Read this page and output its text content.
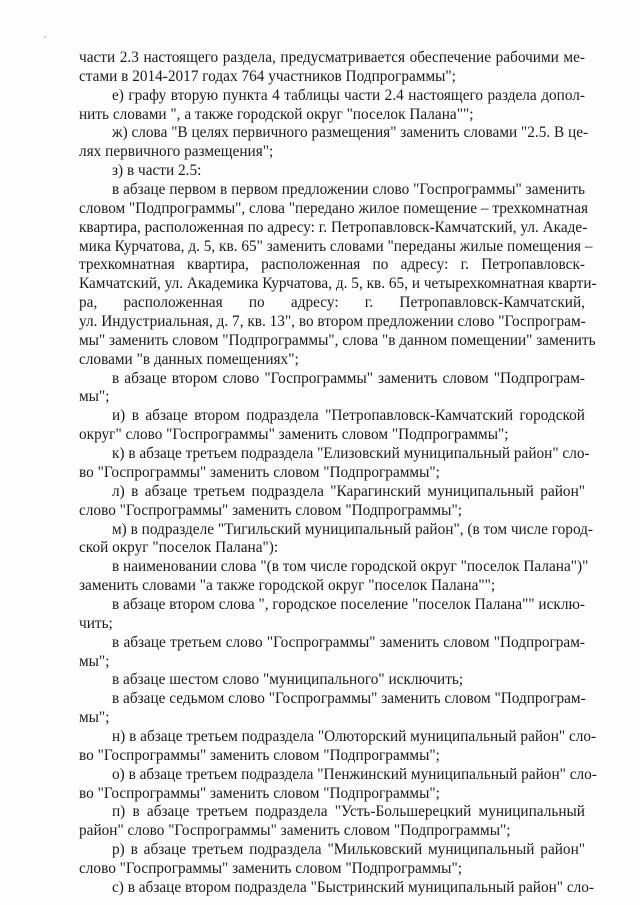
части 2.3 настоящего раздела, предусматривается обеспечение рабочими ме-
стами в 2014-2017 годах 764 участников Подпрограммы";
е) графу вторую пункта 4 таблицы части 2.4 настоящего раздела допол-
нить словами ", а также городской округ "поселок Палана"";
ж) слова "В целях первичного размещения" заменить словами "2.5. В це-
лях первичного размещения";
з) в части 2.5:
в абзаце первом в первом предложении слово "Госпрограммы" заменить
словом "Подпрограммы", слова "передано жилое помещение – трехкомнатная
квартира, расположенная по адресу: г. Петропавловск-Камчатский, ул. Акаде-
мика Курчатова, д. 5, кв. 65" заменить словами "переданы жилые помещения –
трехкомнатная квартира, расположенная по адресу: г. Петропавловск-
Камчатский, ул. Академика Курчатова, д. 5, кв. 65, и четырехкомнатная кварти-
ра, расположенная по адресу: г. Петропавловск-Камчатский,
ул. Индустриальная, д. 7, кв. 13", во втором предложении слово "Госпрограм-
мы" заменить словом "Подпрограммы", слова "в данном помещении" заменить
словами "в данных помещениях";
в абзаце втором слово "Госпрограммы" заменить словом "Подпрограм-
мы";
и) в абзаце втором подраздела "Петропавловск-Камчатский городской
округ" слово "Госпрограммы" заменить словом "Подпрограммы";
к) в абзаце третьем подраздела "Елизовский муниципальный район" сло-
во "Госпрограммы" заменить словом "Подпрограммы";
л) в абзаце третьем подраздела "Карагинский муниципальный район"
слово "Госпрограммы" заменить словом "Подпрограммы";
м) в подразделе "Тигильский муниципальный район", (в том числе город-
ской округ "поселок Палана"):
в наименовании слова "(в том числе городской округ "поселок Палана")"
заменить словами "а также городской округ "поселок Палана"";
в абзаце втором слова ", городское поселение "поселок Палана"" исклю-
чить;
в абзаце третьем слово "Госпрограммы" заменить словом "Подпрограм-
мы";
в абзаце шестом слово "муниципального" исключить;
в абзаце седьмом слово "Госпрограммы" заменить словом "Подпрограм-
мы";
н) в абзаце третьем подраздела "Олюторский муниципальный район" сло-
во "Госпрограммы" заменить словом "Подпрограммы";
о) в абзаце третьем подраздела "Пенжинский муниципальный район" сло-
во "Госпрограммы" заменить словом "Подпрограммы";
п) в абзаце третьем подраздела "Усть-Большерецкий муниципальный
район" слово "Госпрограммы" заменить словом "Подпрограммы";
р) в абзаце третьем подраздела "Мильковский муниципальный район"
слово "Госпрограммы" заменить словом "Подпрограммы";
с) в абзаце втором подраздела "Быстринский муниципальный район" сло-
